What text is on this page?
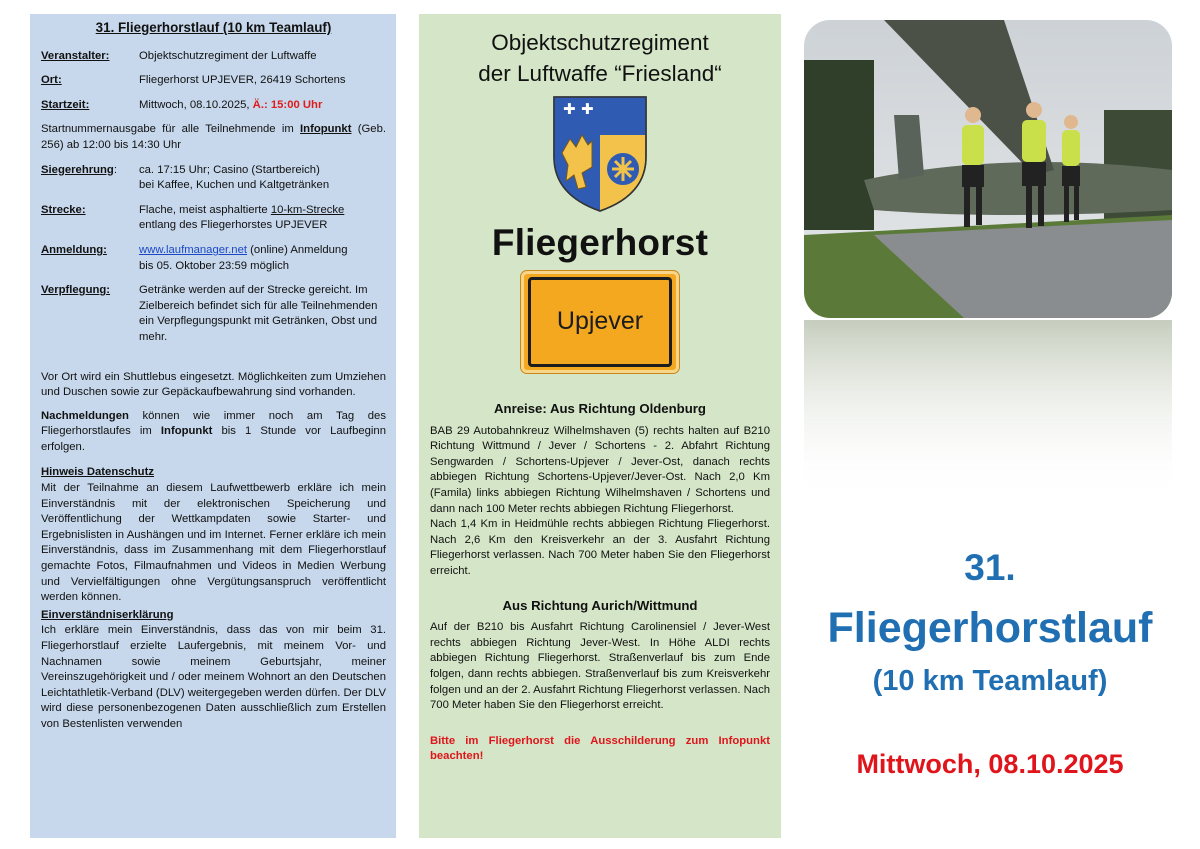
31. Fliegerhorstlauf (10 km Teamlauf)
Veranstalter:	Objektschutzregiment der Luftwaffe
Ort:	Fliegerhorst UPJEVER, 26419 Schortens
Startzeit:	Mittwoch, 08.10.2025, Ä.: 15:00 Uhr
Startnummernausgabe für alle Teilnehmende im Infopunkt (Geb. 256) ab 12:00 bis 14:30 Uhr
Siegerehrung:	ca. 17:15 Uhr; Casino (Startbereich)
bei Kaffee, Kuchen und Kaltgetränken
Strecke:	Flache, meist asphaltierte 10-km-Strecke
entlang des Fliegerhorstes UPJEVER
Anmeldung:	www.laufmanager.net (online) Anmeldung
bis 05. Oktober 23:59 möglich
Verpflegung:	Getränke werden auf der Strecke gereicht. Im Zielbereich befindet sich für alle Teilnehmenden ein Verpflegungspunkt mit Getränken, Obst und mehr.
Vor Ort wird ein Shuttlebus eingesetzt. Möglichkeiten zum Umziehen und Duschen sowie zur Gepäckaufbewahrung sind vorhanden.
Nachmeldungen können wie immer noch am Tag des Fliegerhorstlaufes im Infopunkt bis 1 Stunde vor Laufbeginn erfolgen.
Hinweis Datenschutz
Mit der Teilnahme an diesem Laufwettbewerb erkläre ich mein Einverständnis mit der elektronischen Speicherung und Veröffentlichung der Wettkampdaten sowie Starter- und Ergebnislisten in Aushängen und im Internet. Ferner erkläre ich mein Einverständnis, dass im Zusammenhang mit dem Fliegerhorstlauf gemachte Fotos, Filmaufnahmen und Videos in Medien Werbung und Vervielfältigungen ohne Vergütungsanspruch veröffentlicht werden können.
Einverständniserklärung
Ich erkläre mein Einverständnis, dass das von mir beim 31. Fliegerhorstlauf erzielte Laufergebnis, mit meinem Vor- und Nachnamen sowie meinem Geburtsjahr, meiner Vereinszugehörigkeit und / oder meinem Wohnort an den Deutschen Leichtathletik-Verband (DLV) weitergegeben werden dürfen. Der DLV wird diese personenbezogenen Daten ausschließlich zum Erstellen von Bestenlisten verwenden
Objektschutzregiment
der Luftwaffe “Friesland“
✚ ✚
Fliegerhorst
Upjever
Anreise: Aus Richtung Oldenburg
BAB 29 Autobahnkreuz Wilhelmshaven (5) rechts halten auf B210 Richtung Wittmund / Jever / Schortens - 2. Abfahrt Richtung Sengwarden / Schortens-Upjever / Jever-Ost, danach rechts abbiegen Richtung Schortens-Upjever/Jever-Ost. Nach 2,0 Km (Famila) links abbiegen Richtung Wilhelmshaven / Schortens und dann nach 100 Meter rechts abbiegen Richtung Fliegerhorst.
Nach 1,4 Km in Heidmühle rechts abbiegen Richtung Fliegerhorst. Nach 2,6 Km den Kreisverkehr an der 3. Ausfahrt Richtung Fliegerhorst verlassen. Nach 700 Meter haben Sie den Fliegerhorst erreicht.
Aus Richtung Aurich/Wittmund
Auf der B210 bis Ausfahrt Richtung Carolinensiel / Jever-West rechts abbiegen Richtung Jever-West. In Höhe ALDI rechts abbiegen Richtung Fliegerhorst. Straßenverlauf bis zum Ende folgen, dann rechts abbiegen. Straßenverlauf bis zum Kreisverkehr folgen und an der 2. Ausfahrt Richtung Fliegerhorst verlassen. Nach 700 Meter haben Sie den Fliegerhorst erreicht.
Bitte im Fliegerhorst die Ausschilderung zum Infopunkt beachten!
31.
Fliegerhorstlauf
(10 km Teamlauf)
Mittwoch, 08.10.2025
